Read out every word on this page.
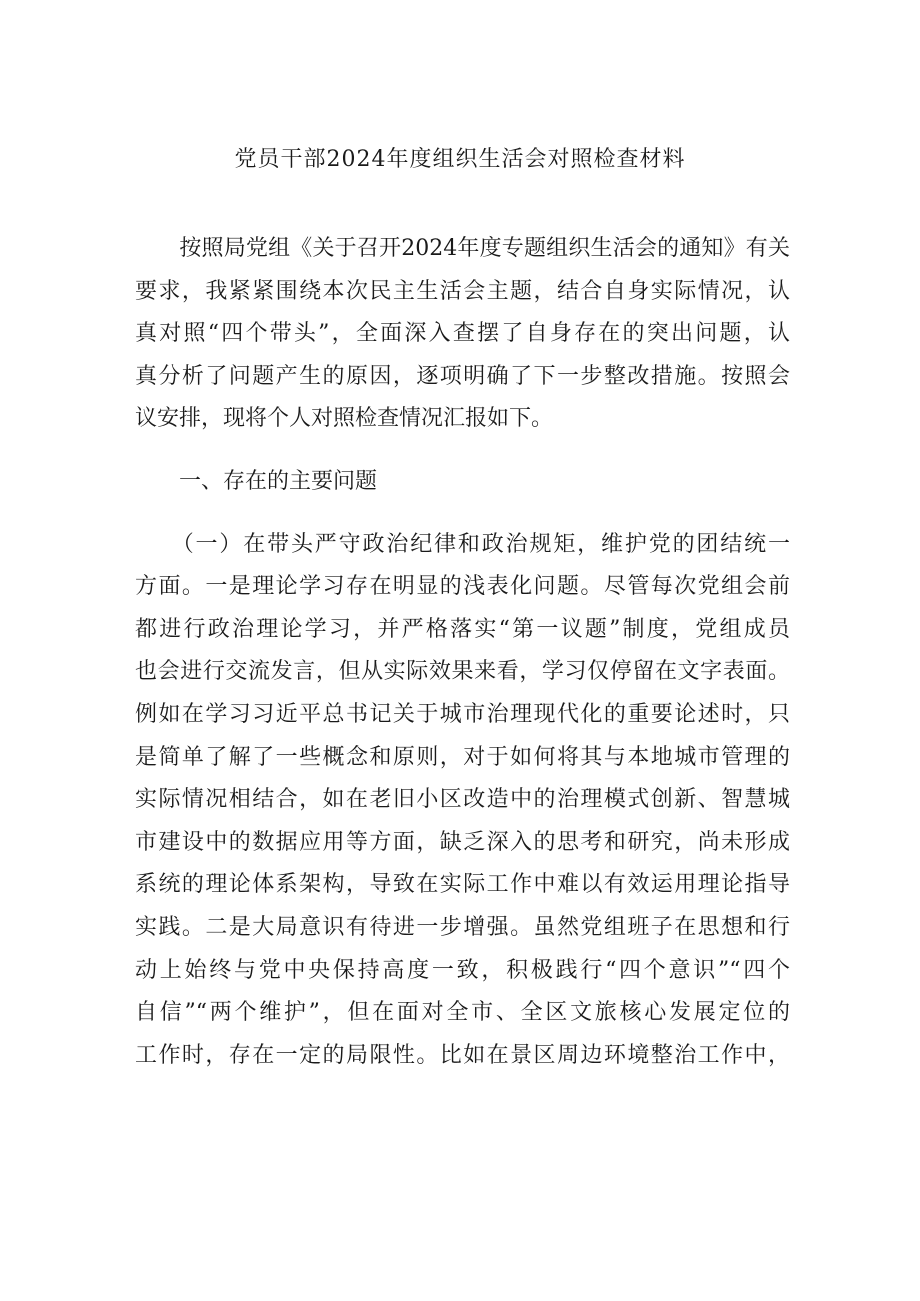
党员干部2024年度组织生活会对照检查材料
　　按照局党组《关于召开2024年度专题组织生活会的通知》有关
要求，我紧紧围绕本次民主生活会主题，结合自身实际情况，认
真对照“四个带头”，全面深入查摆了自身存在的突出问题，认
真分析了问题产生的原因，逐项明确了下一步整改措施。按照会
议安排，现将个人对照检查情况汇报如下。
一、存在的主要问题
　　（一）在带头严守政治纪律和政治规矩，维护党的团结统一
方面。一是理论学习存在明显的浅表化问题。尽管每次党组会前
都进行政治理论学习，并严格落实“第一议题”制度，党组成员
也会进行交流发言，但从实际效果来看，学习仅停留在文字表面。
例如在学习习近平总书记关于城市治理现代化的重要论述时，只
是简单了解了一些概念和原则，对于如何将其与本地城市管理的
实际情况相结合，如在老旧小区改造中的治理模式创新、智慧城
市建设中的数据应用等方面，缺乏深入的思考和研究，尚未形成
系统的理论体系架构，导致在实际工作中难以有效运用理论指导
实践。二是大局意识有待进一步增强。虽然党组班子在思想和行
动上始终与党中央保持高度一致，积极践行“四个意识”“四个
自信”“两个维护”，但在面对全市、全区文旅核心发展定位的
工作时，存在一定的局限性。比如在景区周边环境整治工作中，
